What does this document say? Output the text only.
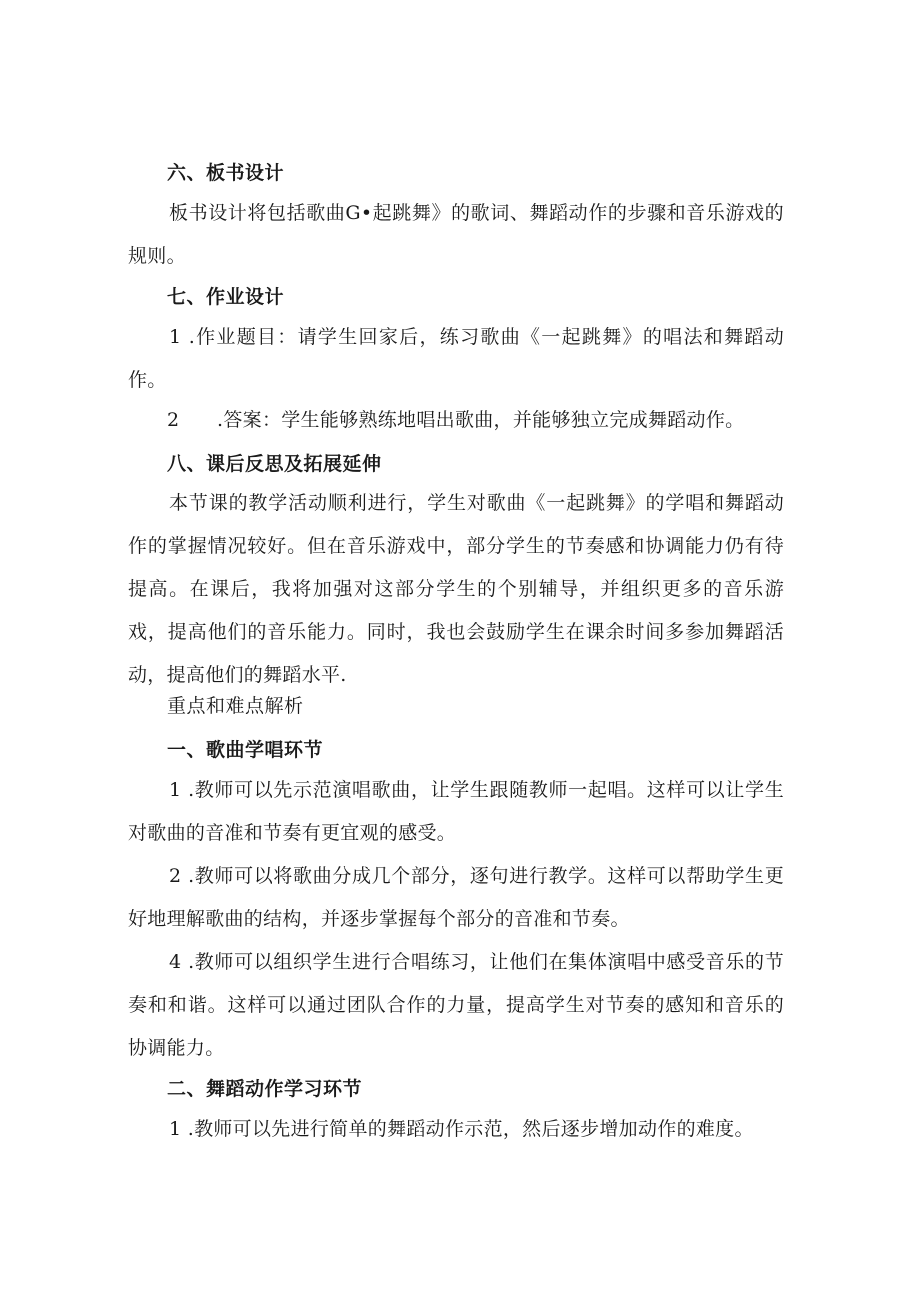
六、板书设计
板书设计将包括歌曲G•起跳舞》的歌词、舞蹈动作的步骤和音乐游戏的规则。
七、作业设计
1 .作业题目：请学生回家后，练习歌曲《一起跳舞》的唱法和舞蹈动作。
2 .答案：学生能够熟练地唱出歌曲，并能够独立完成舞蹈动作。
八、课后反思及拓展延伸
本节课的教学活动顺利进行，学生对歌曲《一起跳舞》的学唱和舞蹈动作的掌握情况较好。但在音乐游戏中，部分学生的节奏感和协调能力仍有待提高。在课后，我将加强对这部分学生的个别辅导，并组织更多的音乐游戏，提高他们的音乐能力。同时，我也会鼓励学生在课余时间多参加舞蹈活动，提高他们的舞蹈水平.
重点和难点解析
一、歌曲学唱环节
1 .教师可以先示范演唱歌曲，让学生跟随教师一起唱。这样可以让学生对歌曲的音准和节奏有更宜观的感受。
2 .教师可以将歌曲分成几个部分，逐句进行教学。这样可以帮助学生更好地理解歌曲的结构，并逐步掌握每个部分的音准和节奏。
4 .教师可以组织学生进行合唱练习，让他们在集体演唱中感受音乐的节奏和和谐。这样可以通过团队合作的力量，提高学生对节奏的感知和音乐的协调能力。
二、舞蹈动作学习环节
1 .教师可以先进行简单的舞蹈动作示范，然后逐步增加动作的难度。
